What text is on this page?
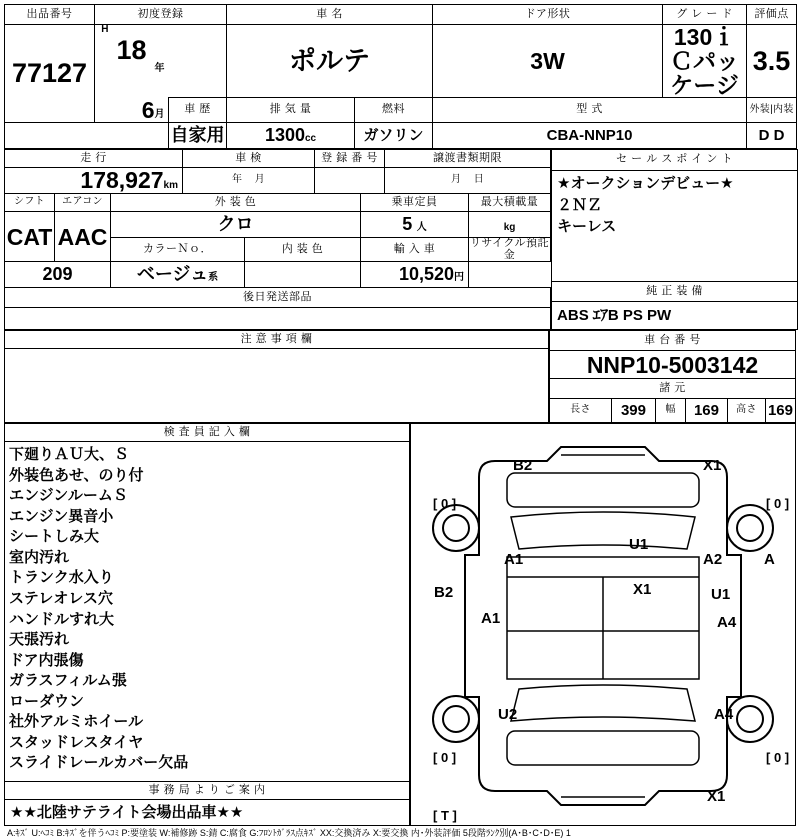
出品番号	初度登録					車 名		ドア形状	グ レ ー ド	評価点
77127	$^H$	18	年			ポルテ		3W	130ｉ Ｃパッケージ	3.5

		6	月	車 歴		排 気 量	燃料	型 式		外装|内装
				自家用		1300cc	ガソリン	CBA-NNP10		D D
走 行			車 検		登 録 番 号		譲渡書類期限	
178,927km			年 月				月 日	
シフト	エアコン	外 装 色				乗車定員		最大積載量
CAT	AAC	クロ				5 人		kg
		カラーＮｏ．		内 装 色		輸 入 車		リサイクル預託金
209		ベージュ系				10,520円		
後日発送部品								

セ ー ル ス ポ イ ン ト

★オークションデビュー★
２ＮＺ
キーレス

純 正 装 備
ABS ｴｱB PS PW
注 意 事 項 欄	車 台 番 号
NNP10-5003142
諸 元
長さ	399	幅	169	高さ	169
検 査 員 記 入 欄

下廻りＡＵ大、Ｓ
外装色あせ、のり付
エンジンルームＳ
エンジン異音小
シートしみ大
室内汚れ
トランク水入り
ステレオレス穴
ハンドルすれ大
天張汚れ
ドア内張傷
ガラスフィルム張
ローダウン
社外アルミホイール
スタッドレスタイヤ
スライドレールカバー欠品

事 務 局 よ り ご 案 内
★★北陸サテライト会場出品車★★
B2	X1
[ 0 ]	[ 0 ]
U1
A1	A2	A
B2	X1	U1
A1	A4
U2	A4
[ 0 ]	[ 0 ]
X1
[ T ]
A:ｷｽﾞ U:ﾍｺﾐ B:ｷｽﾞを伴うﾍｺﾐ P:要塗装 W:補修跡 S:錆 C:腐食 G:ﾌﾛﾝﾄｶﾞﾗｽ点ｷｽﾞ XX:交換済み X:要交換 内･外装評価 5段階ﾗﾝｸ別(A･B･C･D･E) 1
